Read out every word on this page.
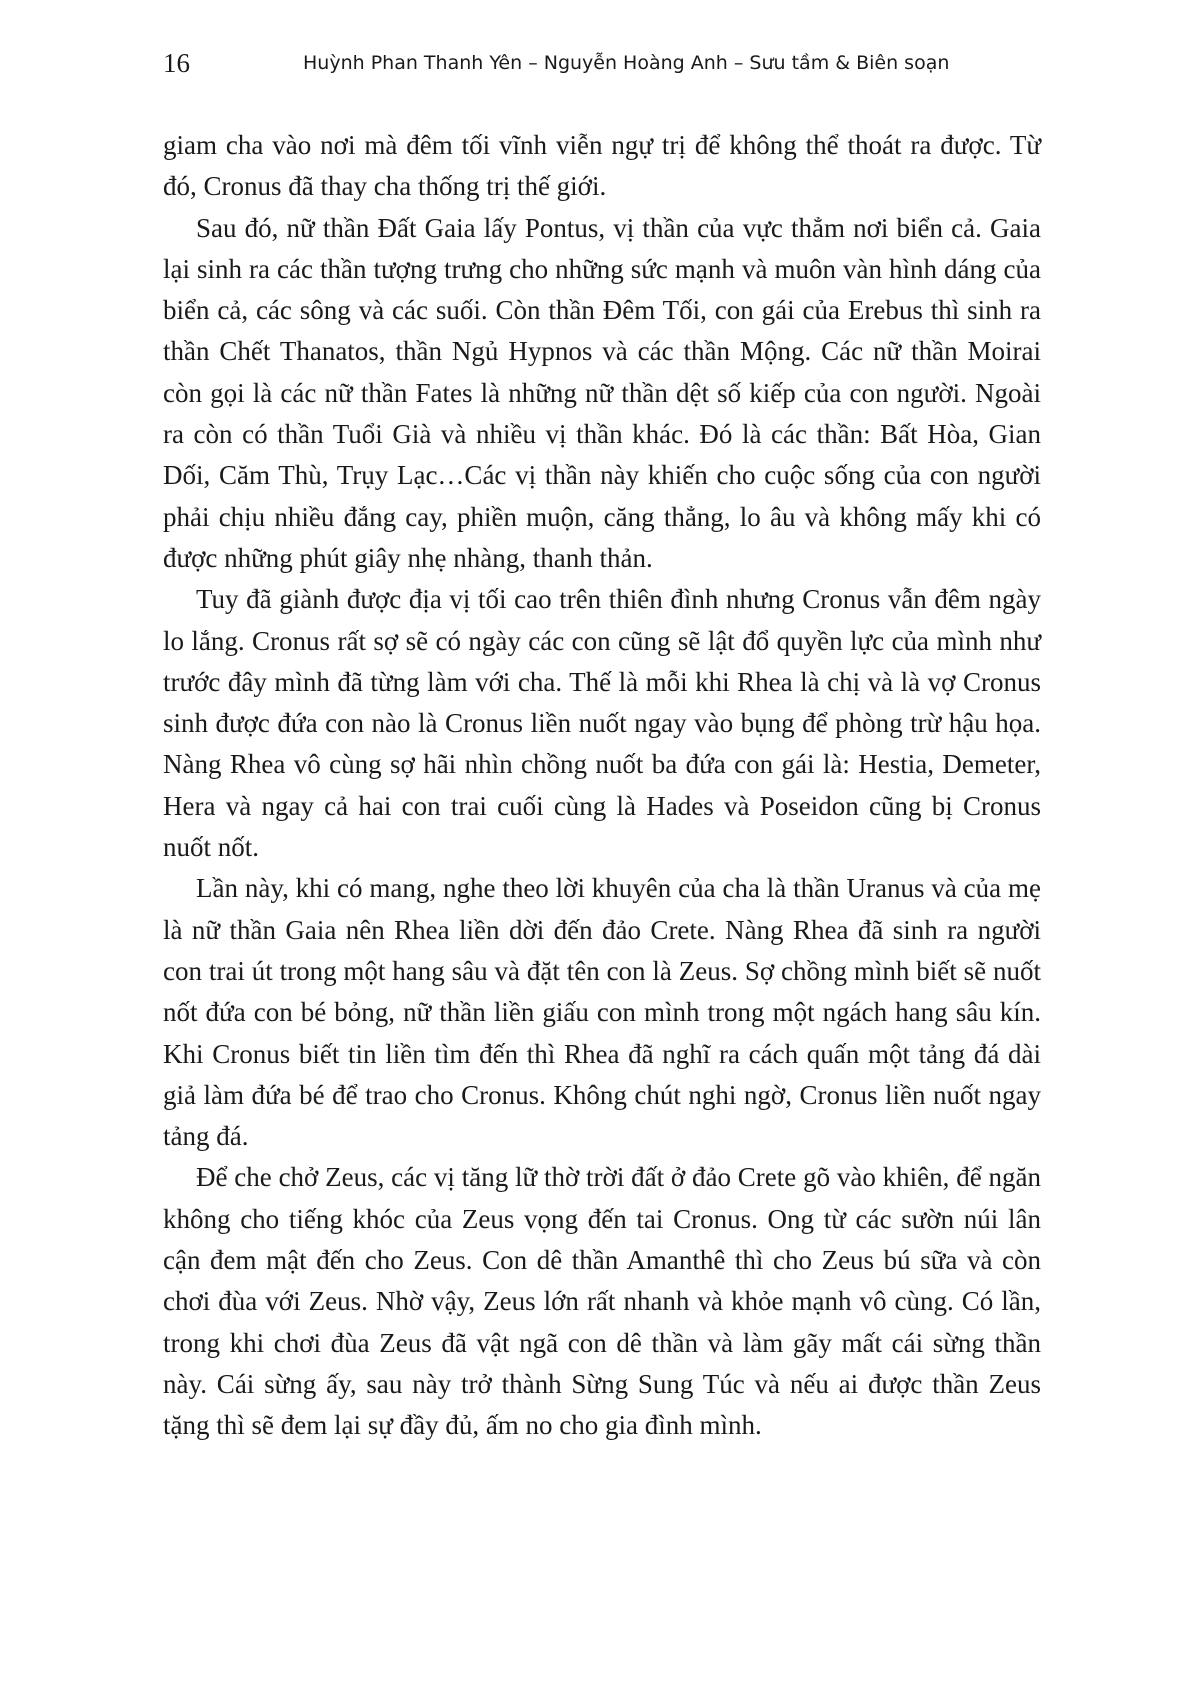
16	Huỳnh Phan Thanh Yên – Nguyễn Hoàng Anh – Sưu tầm & Biên soạn

giam cha vào nơi mà đêm tối vĩnh viễn ngự trị để không thể thoát ra được. Từ đó, Cronus đã thay cha thống trị thế giới.

Sau đó, nữ thần Đất Gaia lấy Pontus, vị thần của vực thẳm nơi biển cả. Gaia lại sinh ra các thần tượng trưng cho những sức mạnh và muôn vàn hình dáng của biển cả, các sông và các suối. Còn thần Đêm Tối, con gái của Erebus thì sinh ra thần Chết Thanatos, thần Ngủ Hypnos và các thần Mộng. Các nữ thần Moirai còn gọi là các nữ thần Fates là những nữ thần dệt số kiếp của con người. Ngoài ra còn có thần Tuổi Già và nhiều vị thần khác. Đó là các thần: Bất Hòa, Gian Dối, Căm Thù, Trụy Lạc…Các vị thần này khiến cho cuộc sống của con người phải chịu nhiều đắng cay, phiền muộn, căng thẳng, lo âu và không mấy khi có được những phút giây nhẹ nhàng, thanh thản.

Tuy đã giành được địa vị tối cao trên thiên đình nhưng Cronus vẫn đêm ngày lo lắng. Cronus rất sợ sẽ có ngày các con cũng sẽ lật đổ quyền lực của mình như trước đây mình đã từng làm với cha. Thế là mỗi khi Rhea là chị và là vợ Cronus sinh được đứa con nào là Cronus liền nuốt ngay vào bụng để phòng trừ hậu họa. Nàng Rhea vô cùng sợ hãi nhìn chồng nuốt ba đứa con gái là: Hestia, Demeter, Hera và ngay cả hai con trai cuối cùng là Hades và Poseidon cũng bị Cronus nuốt nốt.

Lần này, khi có mang, nghe theo lời khuyên của cha là thần Uranus và của mẹ là nữ thần Gaia nên Rhea liền dời đến đảo Crete. Nàng Rhea đã sinh ra người con trai út trong một hang sâu và đặt tên con là Zeus. Sợ chồng mình biết sẽ nuốt nốt đứa con bé bỏng, nữ thần liền giấu con mình trong một ngách hang sâu kín. Khi Cronus biết tin liền tìm đến thì Rhea đã nghĩ ra cách quấn một tảng đá dài giả làm đứa bé để trao cho Cronus. Không chút nghi ngờ, Cronus liền nuốt ngay tảng đá.

Để che chở Zeus, các vị tăng lữ thờ trời đất ở đảo Crete gõ vào khiên, để ngăn không cho tiếng khóc của Zeus vọng đến tai Cronus. Ong từ các sườn núi lân cận đem mật đến cho Zeus. Con dê thần Amanthê thì cho Zeus bú sữa và còn chơi đùa với Zeus. Nhờ vậy, Zeus lớn rất nhanh và khỏe mạnh vô cùng. Có lần, trong khi chơi đùa Zeus đã vật ngã con dê thần và làm gãy mất cái sừng thần này. Cái sừng ấy, sau này trở thành Sừng Sung Túc và nếu ai được thần Zeus tặng thì sẽ đem lại sự đầy đủ, ấm no cho gia đình mình.
